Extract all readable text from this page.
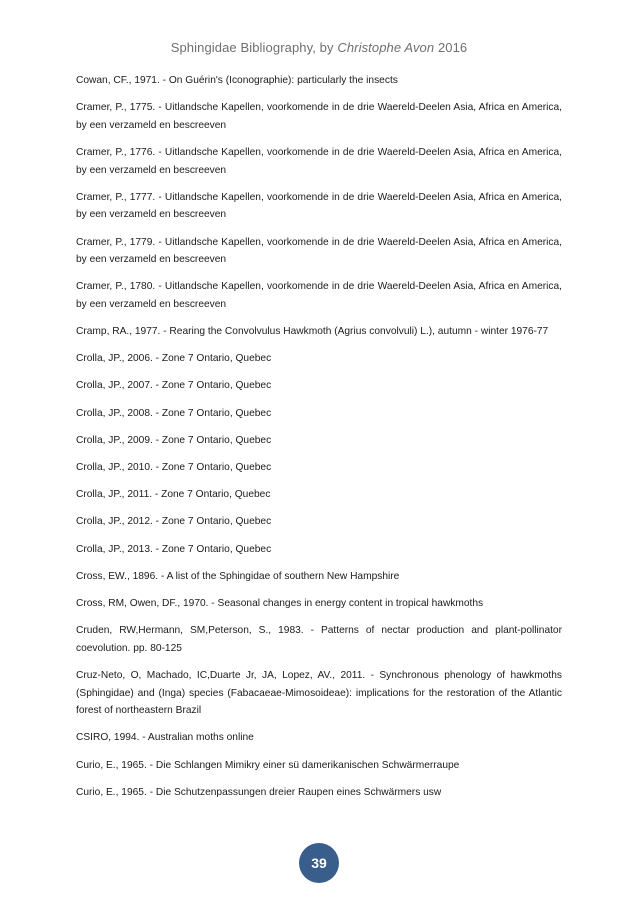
Sphingidae Bibliography, by Christophe Avon 2016

Cowan, CF., 1971. - On Guérin's (Iconographie): particularly the insects

Cramer, P., 1775. - Uitlandsche Kapellen, voorkomende in de drie Waereld-Deelen Asia, Africa en America, by een verzameld en bescreeven

Cramer, P., 1776. - Uitlandsche Kapellen, voorkomende in de drie Waereld-Deelen Asia, Africa en America, by een verzameld en bescreeven

Cramer, P., 1777. - Uitlandsche Kapellen, voorkomende in de drie Waereld-Deelen Asia, Africa en America, by een verzameld en bescreeven

Cramer, P., 1779. - Uitlandsche Kapellen, voorkomende in de drie Waereld-Deelen Asia, Africa en America, by een verzameld en bescreeven

Cramer, P., 1780. - Uitlandsche Kapellen, voorkomende in de drie Waereld-Deelen Asia, Africa en America, by een verzameld en bescreeven

Cramp, RA., 1977. - Rearing the Convolvulus Hawkmoth (Agrius convolvuli) L.), autumn - winter 1976-77

Crolla, JP., 2006. - Zone 7 Ontario, Quebec

Crolla, JP., 2007. - Zone 7 Ontario, Quebec

Crolla, JP., 2008. - Zone 7 Ontario, Quebec

Crolla, JP., 2009. - Zone 7 Ontario, Quebec

Crolla, JP., 2010. - Zone 7 Ontario, Quebec

Crolla, JP., 2011. - Zone 7 Ontario, Quebec

Crolla, JP., 2012. - Zone 7 Ontario, Quebec

Crolla, JP., 2013. - Zone 7 Ontario, Quebec

Cross, EW., 1896. - A list of the Sphingidae of southern New Hampshire

Cross, RM, Owen, DF., 1970. - Seasonal changes in energy content in tropical hawkmoths

Cruden, RW,Hermann, SM,Peterson, S., 1983. - Patterns of nectar production and plant-pollinator coevolution. pp. 80-125

Cruz-Neto, O, Machado, IC,Duarte Jr, JA, Lopez, AV., 2011. - Synchronous phenology of hawkmoths (Sphingidae) and (Inga) species (Fabacaeae-Mimosoideae): implications for the restoration of the Atlantic forest of northeastern Brazil

CSIRO, 1994. - Australian moths online

Curio, E., 1965. - Die Schlangen Mimikry einer sü damerikanischen Schwärmerraupe

Curio, E., 1965. - Die Schutzenpassungen dreier Raupen eines Schwärmers usw

39
